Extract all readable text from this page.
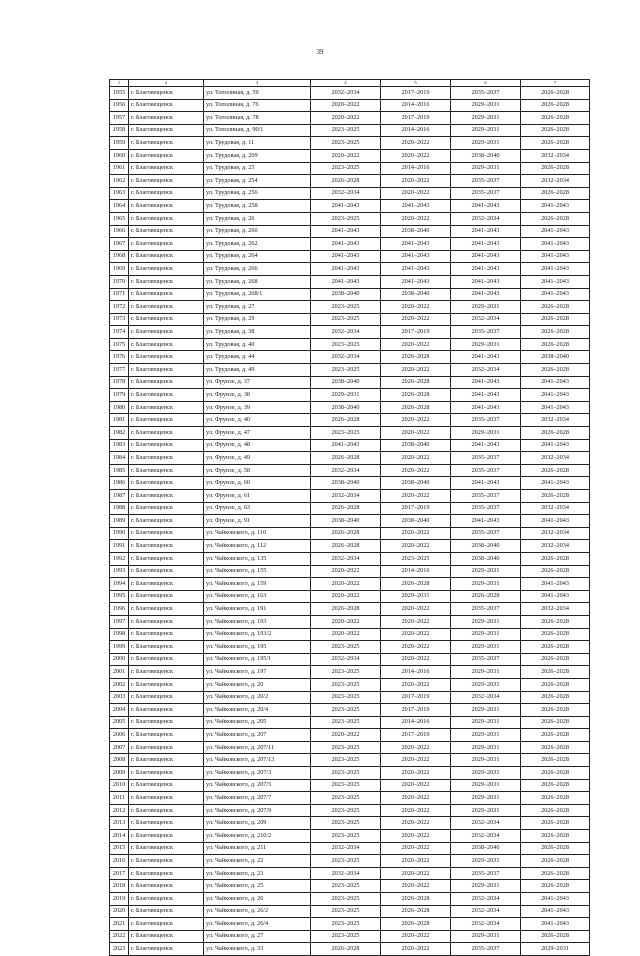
39
1	2	3	4	5	6	7
1955	г. Благовещенск	ул. Тополиная, д. 59	2032–2034	2017–2019	2035–2037	2026–2028
1956	г. Благовещенск	ул. Тополиная, д. 76	2020–2022	2014–2016	2029–2031	2026–2028
1957	г. Благовещенск	ул. Тополиная, д. 78	2020–2022	2017–2019	2029–2031	2026–2028
1958	г. Благовещенск	ул. Тополиная, д. 90/1	2023–2025	2014–2016	2029–2031	2026–2028
1959	г. Благовещенск	ул. Трудовая, д. 11	2023–2025	2020–2022	2029–2031	2026–2028
1960	г. Благовещенск	ул. Трудовая, д. 209	2020–2022	2020–2022	2038–2040	2032–2034
1961	г. Благовещенск	ул. Трудовая, д. 25	2023–2025	2014–2016	2029–2031	2026–2028
1962	г. Благовещенск	ул. Трудовая, д. 254	2026–2028	2020–2022	2035–2037	2032–2034
1963	г. Благовещенск	ул. Трудовая, д. 256	2032–2034	2020–2022	2035–2037	2026–2028
1964	г. Благовещенск	ул. Трудовая, д. 258	2041–2043	2041–2043	2041–2043	2041–2043
1965	г. Благовещенск	ул. Трудовая, д. 26	2023–2025	2020–2022	2032–2034	2026–2028
1966	г. Благовещенск	ул. Трудовая, д. 260	2041–2043	2038–2040	2041–2043	2041–2043
1967	г. Благовещенск	ул. Трудовая, д. 262	2041–2043	2041–2043	2041–2043	2041–2043
1968	г. Благовещенск	ул. Трудовая, д. 264	2041–2043	2041–2043	2041–2043	2041–2043
1969	г. Благовещенск	ул. Трудовая, д. 266	2041–2043	2041–2043	2041–2043	2041–2043
1970	г. Благовещенск	ул. Трудовая, д. 268	2041–2043	2041–2043	2041–2043	2041–2043
1971	г. Благовещенск	ул. Трудовая, д. 268/1	2038–2040	2038–2040	2041–2043	2041–2043
1972	г. Благовещенск	ул. Трудовая, д. 27	2023–2025	2020–2022	2029–2031	2026–2028
1973	г. Благовещенск	ул. Трудовая, д. 29	2023–2025	2020–2022	2032–2034	2026–2028
1974	г. Благовещенск	ул. Трудовая, д. 38	2032–2034	2017–2019	2035–2037	2026–2028
1975	г. Благовещенск	ул. Трудовая, д. 40	2023–2025	2020–2022	2029–2031	2026–2028
1976	г. Благовещенск	ул. Трудовая, д. 44	2032–2034	2026–2028	2041–2043	2038–2040
1977	г. Благовещенск	ул. Трудовая, д. 49	2023–2025	2020–2022	2032–2034	2026–2028
1978	г. Благовещенск	ул. Фрунзе, д. 37	2038–2040	2026–2028	2041–2043	2041–2043
1979	г. Благовещенск	ул. Фрунзе, д. 38	2029–2031	2026–2028	2041–2043	2041–2043
1980	г. Благовещенск	ул. Фрунзе, д. 39	2038–2040	2026–2028	2041–2043	2041–2043
1981	г. Благовещенск	ул. Фрунзе, д. 40	2026–2028	2020–2022	2035–2037	2032–2034
1982	г. Благовещенск	ул. Фрунзе, д. 47	2023–2025	2020–2022	2029–2031	2026–2028
1983	г. Благовещенск	ул. Фрунзе, д. 48	2041–2043	2038–2040	2041–2043	2041–2043
1984	г. Благовещенск	ул. Фрунзе, д. 49	2026–2028	2020–2022	2035–2037	2032–2034
1985	г. Благовещенск	ул. Фрунзе, д. 58	2032–2034	2020–2022	2035–2037	2026–2028
1986	г. Благовещенск	ул. Фрунзе, д. 60	2038–2040	2038–2040	2041–2043	2041–2043
1987	г. Благовещенск	ул. Фрунзе, д. 61	2032–2034	2020–2022	2035–2037	2026–2028
1988	г. Благовещенск	ул. Фрунзе, д. 63	2026–2028	2017–2019	2035–2037	2032–2034
1989	г. Благовещенск	ул. Фрунзе, д. 91	2038–2040	2038–2040	2041–2043	2041–2043
1990	г. Благовещенск	ул. Чайковского, д. 110	2026–2028	2020–2022	2035–2037	2032–2034
1991	г. Благовещенск	ул. Чайковского, д. 112	2026–2028	2020–2022	2038–2040	2032–2034
1992	г. Благовещенск	ул. Чайковского, д. 135	2032–2034	2023–2025	2038–2040	2026–2028
1993	г. Благовещенск	ул. Чайковского, д. 155	2020–2022	2014–2016	2029–2031	2026–2028
1994	г. Благовещенск	ул. Чайковского, д. 159	2020–2022	2026–2028	2029–2031	2041–2043
1995	г. Благовещенск	ул. Чайковского, д. 163	2020–2022	2029–2031	2026–2028	2041–2043
1996	г. Благовещенск	ул. Чайковского, д. 191	2026–2028	2020–2022	2035–2037	2032–2034
1997	г. Благовещенск	ул. Чайковского, д. 193	2020–2022	2020–2022	2029–2031	2026–2028
1998	г. Благовещенск	ул. Чайковского, д. 193/2	2020–2022	2020–2022	2029–2031	2026–2028
1999	г. Благовещенск	ул. Чайковского, д. 195	2023–2025	2020–2022	2029–2031	2026–2028
2000	г. Благовещенск	ул. Чайковского, д. 195/1	2032–2034	2020–2022	2035–2037	2026–2028
2001	г. Благовещенск	ул. Чайковского, д. 197	2023–2025	2014–2016	2029–2031	2026–2028
2002	г. Благовещенск	ул. Чайковского, д. 20	2023–2025	2020–2022	2029–2031	2026–2028
2003	г. Благовещенск	ул. Чайковского, д. 20/2	2023–2025	2017–2019	2032–2034	2026–2028
2004	г. Благовещенск	ул. Чайковского, д. 20/4	2023–2025	2017–2019	2029–2031	2026–2028
2005	г. Благовещенск	ул. Чайковского, д. 205	2023–2025	2014–2016	2029–2031	2026–2028
2006	г. Благовещенск	ул. Чайковского, д. 207	2020–2022	2017–2019	2029–2031	2026–2028
2007	г. Благовещенск	ул. Чайковского, д. 207/11	2023–2025	2020–2022	2029–2031	2026–2028
2008	г. Благовещенск	ул. Чайковского, д. 207/13	2023–2025	2020–2022	2029–2031	2026–2028
2009	г. Благовещенск	ул. Чайковского, д. 207/3	2023–2025	2020–2022	2029–2031	2026–2028
2010	г. Благовещенск	ул. Чайковского, д. 207/5	2023–2025	2020–2022	2029–2031	2026–2028
2011	г. Благовещенск	ул. Чайковского, д. 207/7	2023–2025	2020–2022	2029–2031	2026–2028
2012	г. Благовещенск	ул. Чайковского, д. 207/9	2023–2025	2020–2022	2029–2031	2026–2028
2013	г. Благовещенск	ул. Чайковского, д. 209	2023–2025	2020–2022	2032–2034	2026–2028
2014	г. Благовещенск	ул. Чайковского, д. 210/2	2023–2025	2020–2022	2032–2034	2026–2028
2015	г. Благовещенск	ул. Чайковского, д. 211	2032–2034	2020–2022	2038–2040	2026–2028
2016	г. Благовещенск	ул. Чайковского, д. 22	2023–2025	2020–2022	2029–2031	2026–2028
2017	г. Благовещенск	ул. Чайковского, д. 23	2032–2034	2020–2022	2035–2037	2026–2028
2018	г. Благовещенск	ул. Чайковского, д. 25	2023–2025	2020–2022	2029–2031	2026–2028
2019	г. Благовещенск	ул. Чайковского, д. 26	2023–2025	2026–2028	2032–2034	2041–2043
2020	г. Благовещенск	ул. Чайковского, д. 26/2	2023–2025	2026–2028	2032–2034	2041–2043
2021	г. Благовещенск	ул. Чайковского, д. 26/4	2023–2025	2026–2028	2032–2034	2041–2043
2022	г. Благовещенск	ул. Чайковского, д. 27	2023–2025	2020–2022	2029–2031	2026–2028
2023	г. Благовещенск	ул. Чайковского, д. 33	2026–2028	2020–2022	2035–2037	2029–2031
